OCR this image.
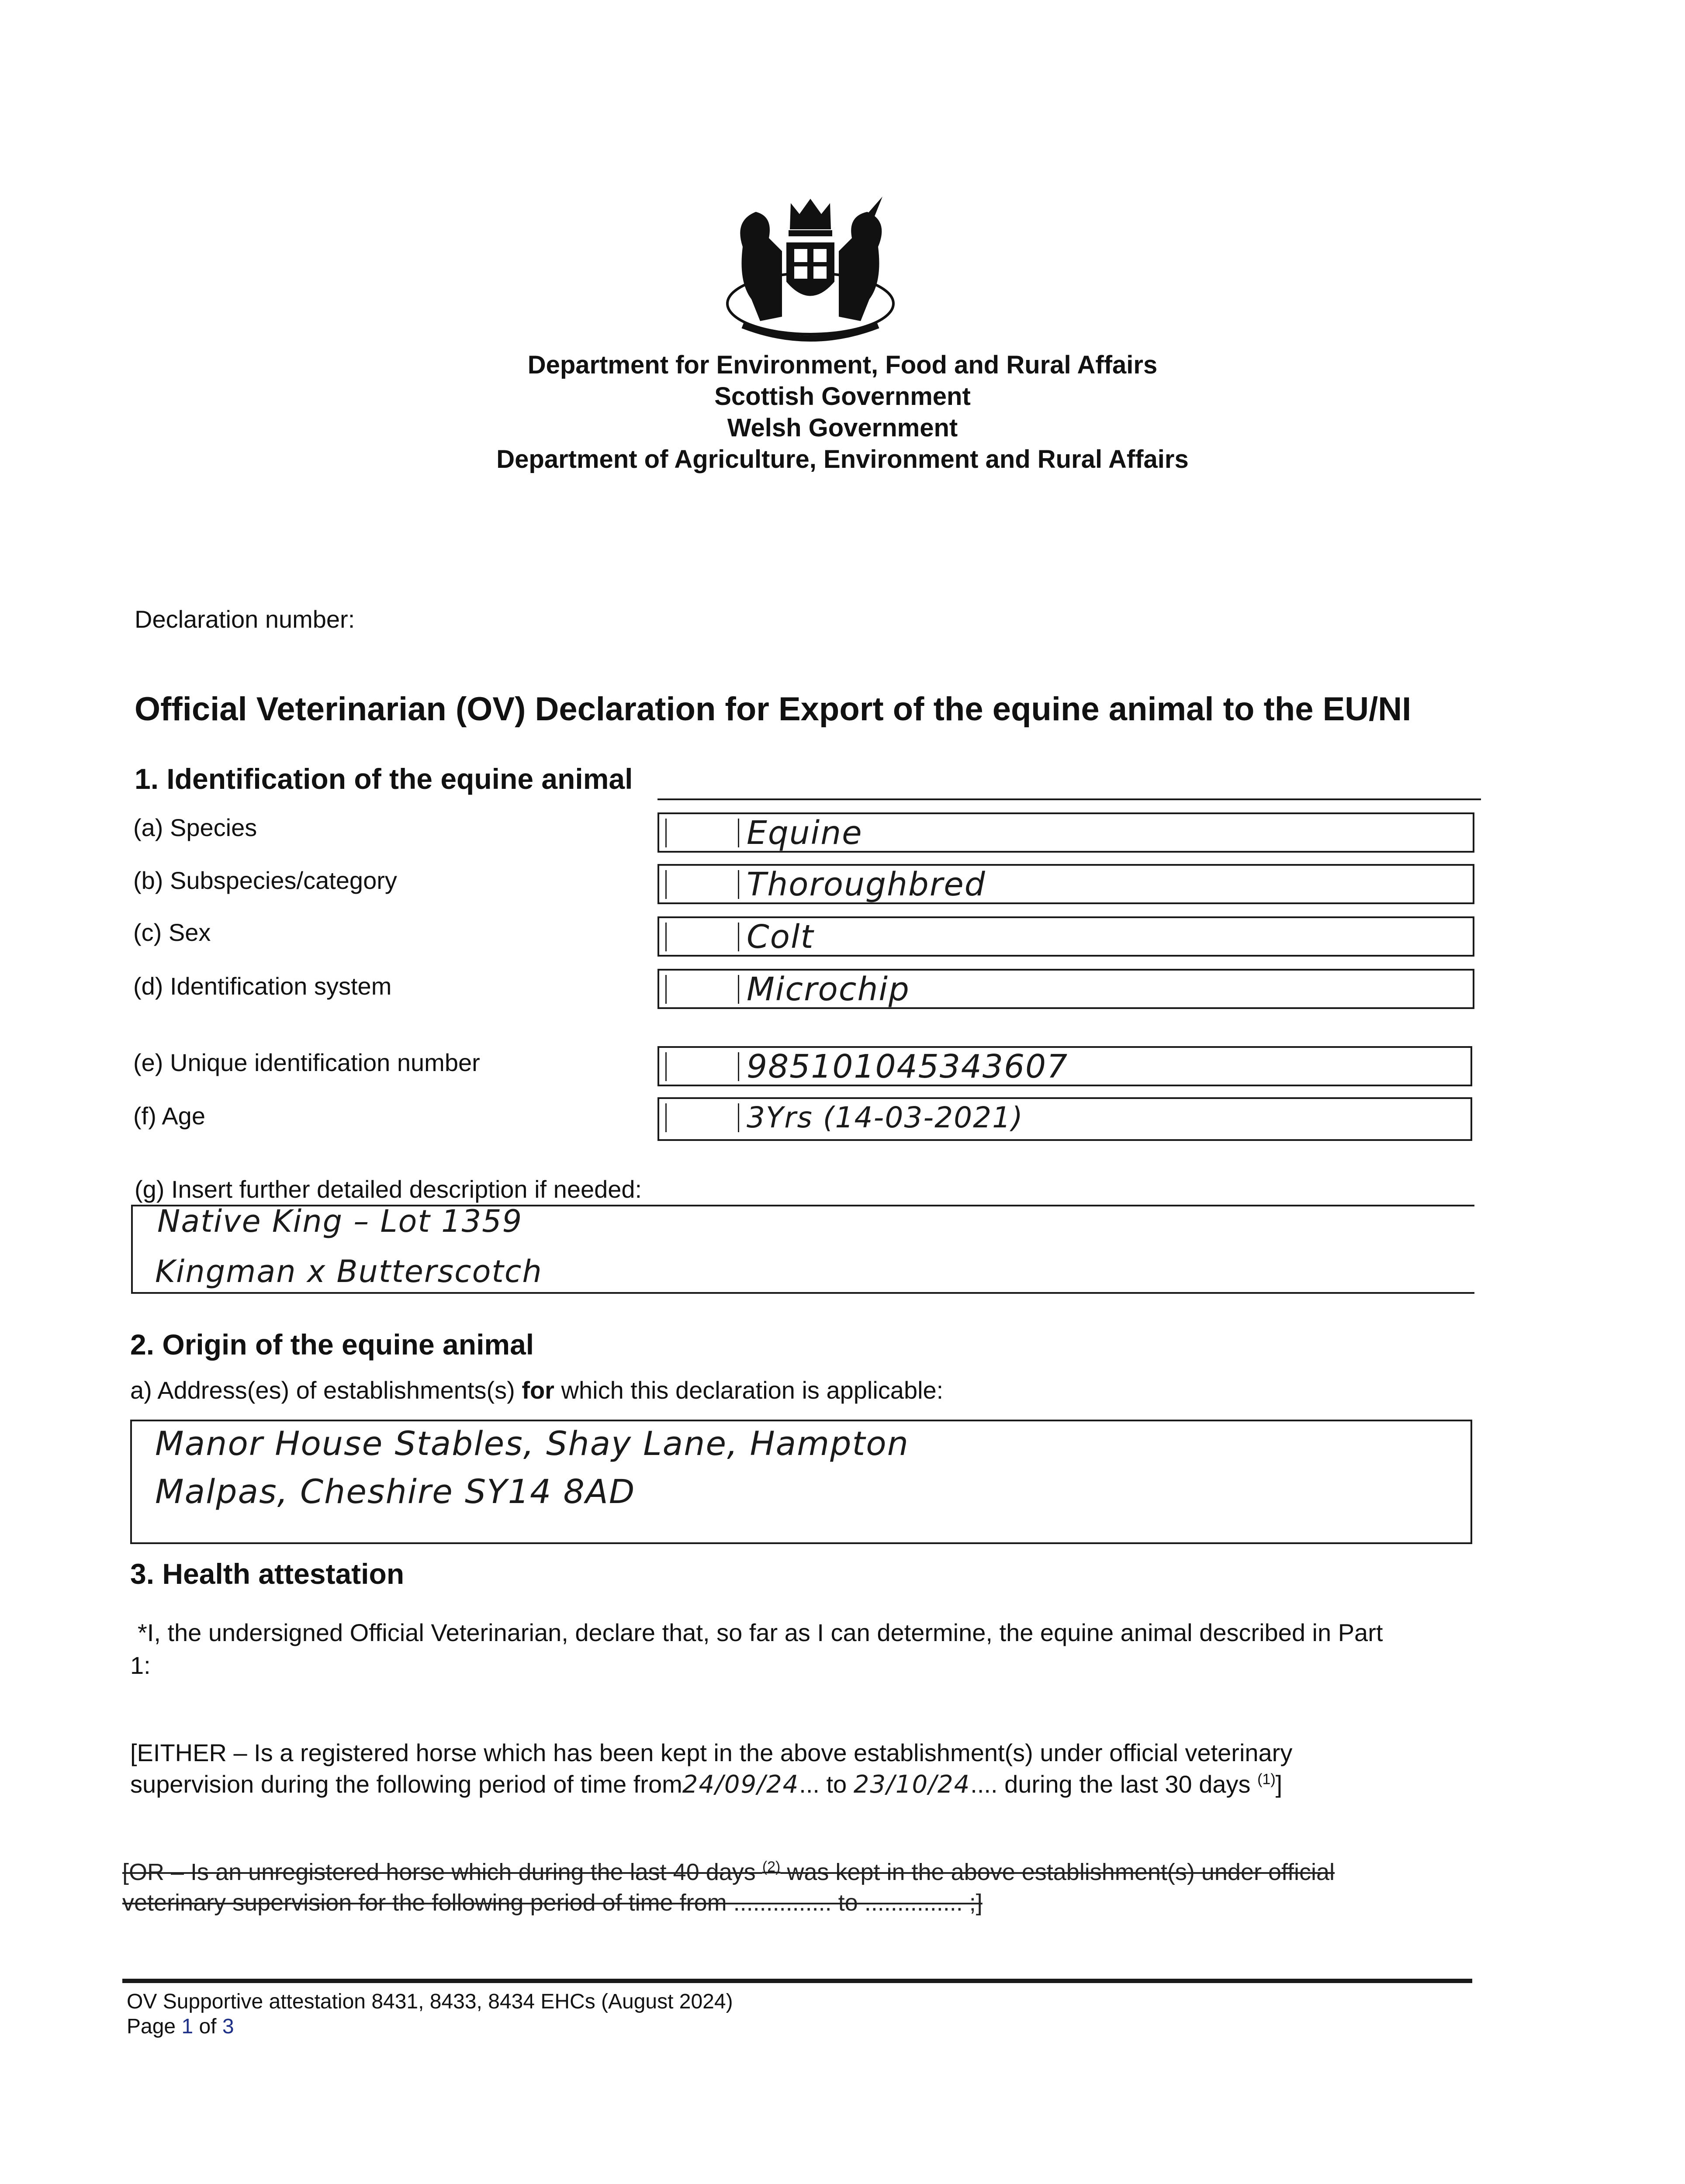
Department for Environment, Food and Rural Affairs
Scottish Government
Welsh Government
Department of Agriculture, Environment and Rural Affairs
Declaration number:
Official Veterinarian (OV) Declaration for Export of the equine animal to the EU/NI
1. Identification of the equine animal
(a) Species	Equine
(b) Subspecies/category	Thoroughbred
(c) Sex	Colt
(d) Identification system	Microchip
(e) Unique identification number	985101045343607
(f) Age	3Yrs (14-03-2021)
(g) Insert further detailed description if needed:
Native King – Lot 1359
Kingman x Butterscotch
2. Origin of the equine animal
a) Address(es) of establishments(s) for which this declaration is applicable:
Manor House Stables, Shay Lane, Hampton
Malpas, Cheshire SY14 8AD
3. Health attestation
*I, the undersigned Official Veterinarian, declare that, so far as I can determine, the equine animal described in Part
1:
[EITHER – Is a registered horse which has been kept in the above establishment(s) under official veterinary
supervision during the following period of time from24/09/24... to 23/10/24.... during the last 30 days $^{(1)}$]
[OR – Is an unregistered horse which during the last 40 days $^{(2)}$ was kept in the above establishment(s) under official
veterinary supervision for the following period of time from ............... to ............... ;]
OV Supportive attestation 8431, 8433, 8434 EHCs (August 2024)
Page 1 of 3
